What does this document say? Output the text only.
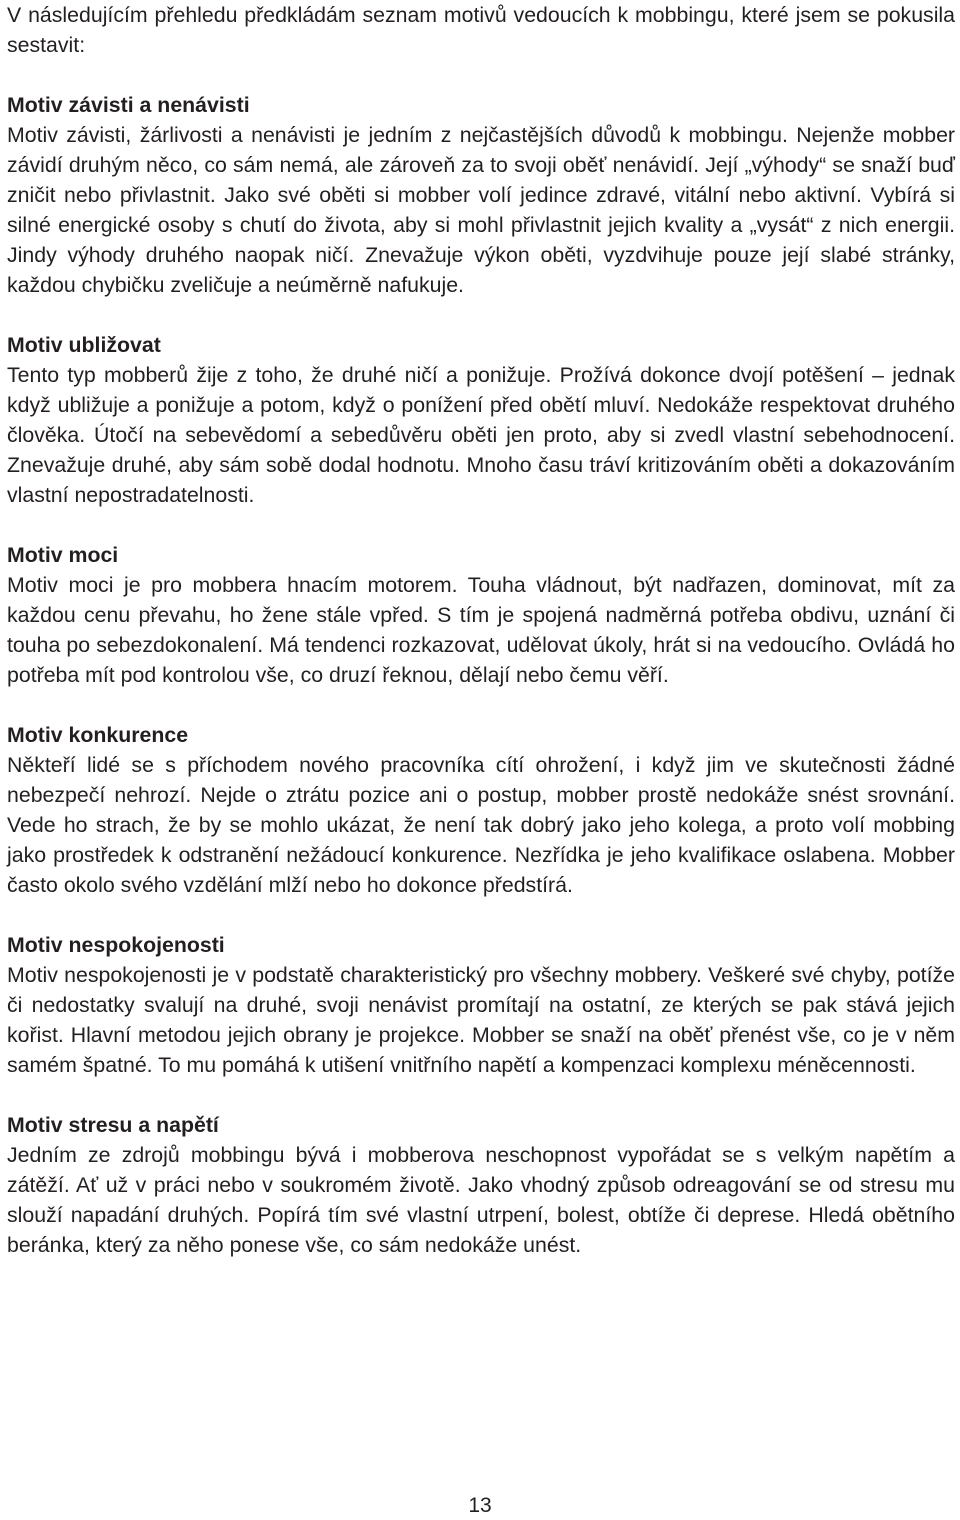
V následujícím přehledu předkládám seznam motivů vedoucích k mobbingu, které jsem se pokusila sestavit:

Motiv závisti a nenávisti

Motiv závisti, žárlivosti a nenávisti je jedním z nejčastějších důvodů k mobbingu. Nejenže mobber závidí druhým něco, co sám nemá, ale zároveň za to svoji oběť nenávidí. Její „výhody“ se snaží buď zničit nebo přivlastnit. Jako své oběti si mobber volí jedince zdravé, vitální nebo aktivní. Vybírá si silné energické osoby s chutí do života, aby si mohl přivlastnit jejich kvality a „vysát“ z nich energii. Jindy výhody druhého naopak ničí. Znevažuje výkon oběti, vyzdvihuje pouze její slabé stránky, každou chybičku zveličuje a neúměrně nafukuje.

Motiv ubližovat

Tento typ mobberů žije z toho, že druhé ničí a ponižuje. Prožívá dokonce dvojí potěšení – jednak když ubližuje a ponižuje a potom, když o ponížení před obětí mluví. Nedokáže respektovat druhého člověka. Útočí na sebevědomí a sebedůvěru oběti jen proto, aby si zvedl vlastní sebehodnocení. Znevažuje druhé, aby sám sobě dodal hodnotu. Mnoho času tráví kritizováním oběti a dokazováním vlastní nepostradatelnosti.

Motiv moci

Motiv moci je pro mobbera hnacím motorem. Touha vládnout, být nadřazen, dominovat, mít za každou cenu převahu, ho žene stále vpřed. S tím je spojená nadměrná potřeba obdivu, uznání či touha po sebezdokonalení. Má tendenci rozkazovat, udělovat úkoly, hrát si na vedoucího. Ovládá ho potřeba mít pod kontrolou vše, co druzí řeknou, dělají nebo čemu věří.

Motiv konkurence

Někteří lidé se s příchodem nového pracovníka cítí ohrožení, i když jim ve skutečnosti žádné nebezpečí nehrozí. Nejde o ztrátu pozice ani o postup, mobber prostě nedokáže snést srovnání. Vede ho strach, že by se mohlo ukázat, že není tak dobrý jako jeho kolega, a proto volí mobbing jako prostředek k odstranění nežádoucí konkurence. Nezřídka je jeho kvalifikace oslabena. Mobber často okolo svého vzdělání mlží nebo ho dokonce předstírá.

Motiv nespokojenosti

Motiv nespokojenosti je v podstatě charakteristický pro všechny mobbery. Veškeré své chyby, potíže či nedostatky svalují na druhé, svoji nenávist promítají na ostatní, ze kterých se pak stává jejich kořist. Hlavní metodou jejich obrany je projekce. Mobber se snaží na oběť přenést vše, co je v něm samém špatné. To mu pomáhá k utišení vnitřního napětí a kompenzaci komplexu méněcennosti.

Motiv stresu a napětí

Jedním ze zdrojů mobbingu bývá i mobberova neschopnost vypořádat se s velkým napětím a zátěží. Ať už v práci nebo v soukromém životě. Jako vhodný způsob odreagování se od stresu mu slouží napadání druhých. Popírá tím své vlastní utrpení, bolest, obtíže či deprese. Hledá obětního beránka, který za něho ponese vše, co sám nedokáže unést.

13
